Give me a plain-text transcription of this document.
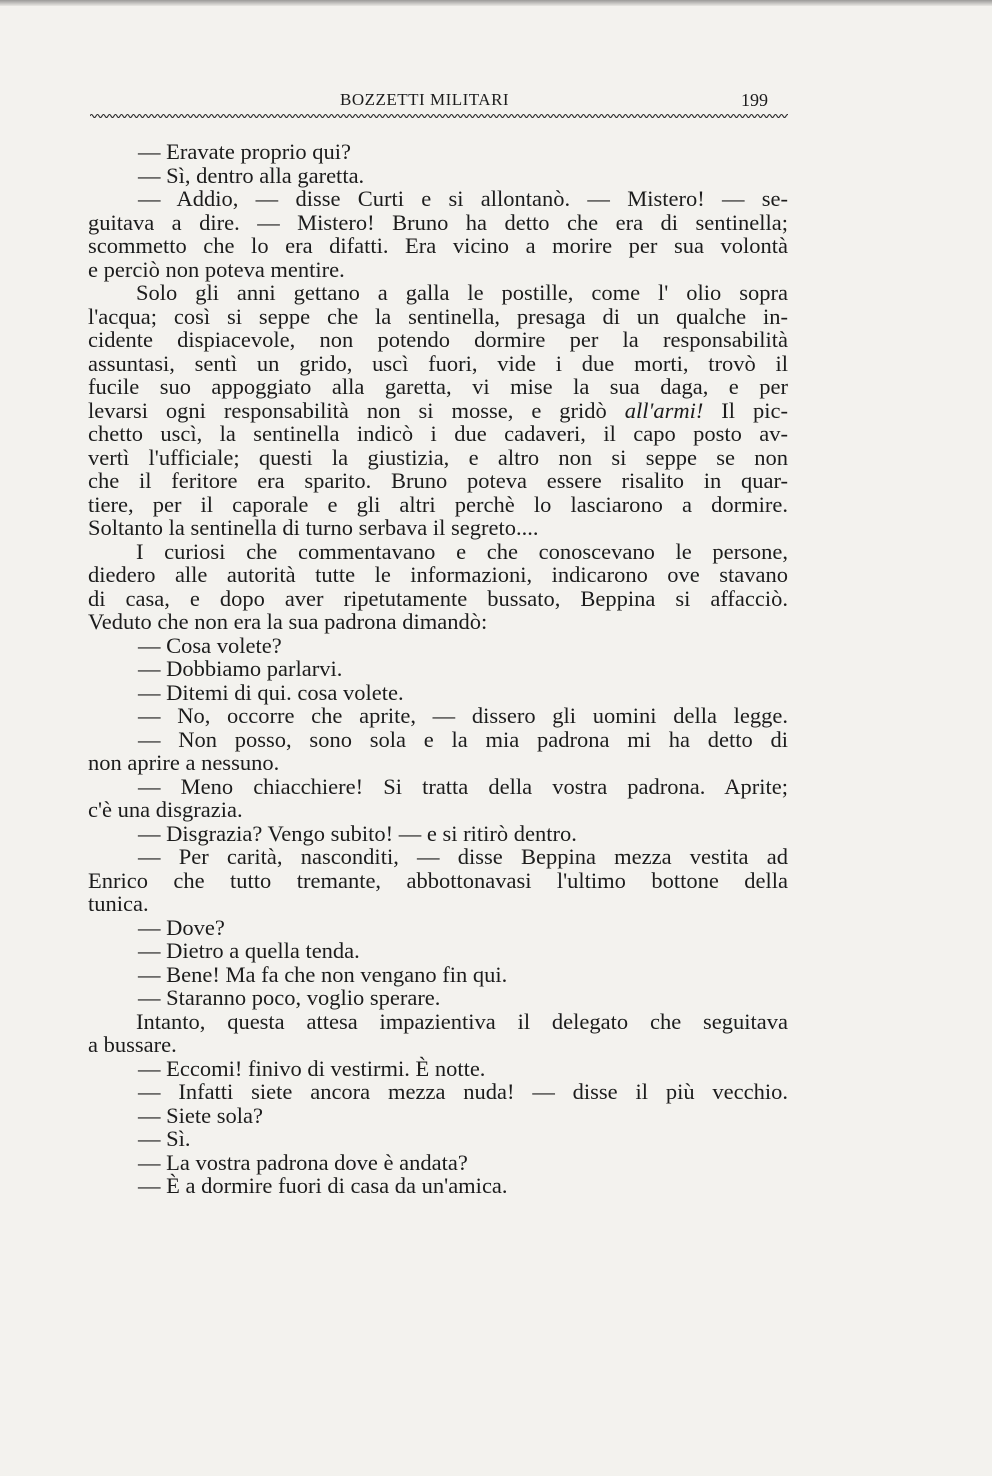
BOZZETTI MILITARI	199
— Eravate proprio qui?
— Sì, dentro alla garetta.
— Addio, — disse Curti e si allontanò. — Mistero! — se-
guitava a dire. — Mistero! Bruno ha detto che era di sentinella;
scommetto che lo era difatti. Era vicino a morire per sua volontà
e perciò non poteva mentire.
Solo gli anni gettano a galla le postille, come l' olio sopra
l'acqua; così si seppe che la sentinella, presaga di un qualche in-
cidente dispiacevole, non potendo dormire per la responsabilità
assuntasi, sentì un grido, uscì fuori, vide i due morti, trovò il
fucile suo appoggiato alla garetta, vi mise la sua daga, e per
levarsi ogni responsabilità non si mosse, e gridò all'armi! Il pic-
chetto uscì, la sentinella indicò i due cadaveri, il capo posto av-
vertì l'ufficiale; questi la giustizia, e altro non si seppe se non
che il feritore era sparito. Bruno poteva essere risalito in quar-
tiere, per il caporale e gli altri perchè lo lasciarono a dormire.
Soltanto la sentinella di turno serbava il segreto....
I curiosi che commentavano e che conoscevano le persone,
diedero alle autorità tutte le informazioni, indicarono ove stavano
di casa, e dopo aver ripetutamente bussato, Beppina si affacciò.
Veduto che non era la sua padrona dimandò:
— Cosa volete?
— Dobbiamo parlarvi.
— Ditemi di qui. cosa volete.
— No, occorre che aprite, — dissero gli uomini della legge.
— Non posso, sono sola e la mia padrona mi ha detto di
non aprire a nessuno.
— Meno chiacchiere! Si tratta della vostra padrona. Aprite;
c'è una disgrazia.
— Disgrazia? Vengo subito! — e si ritirò dentro.
— Per carità, nasconditi, — disse Beppina mezza vestita ad
Enrico che tutto tremante, abbottonavasi l'ultimo bottone della
tunica.
— Dove?
— Dietro a quella tenda.
— Bene! Ma fa che non vengano fin qui.
— Staranno poco, voglio sperare.
Intanto, questa attesa impazientiva il delegato che seguitava
a bussare.
— Eccomi! finivo di vestirmi. È notte.
— Infatti siete ancora mezza nuda! — disse il più vecchio.
— Siete sola?
— Sì.
— La vostra padrona dove è andata?
— È a dormire fuori di casa da un'amica.
